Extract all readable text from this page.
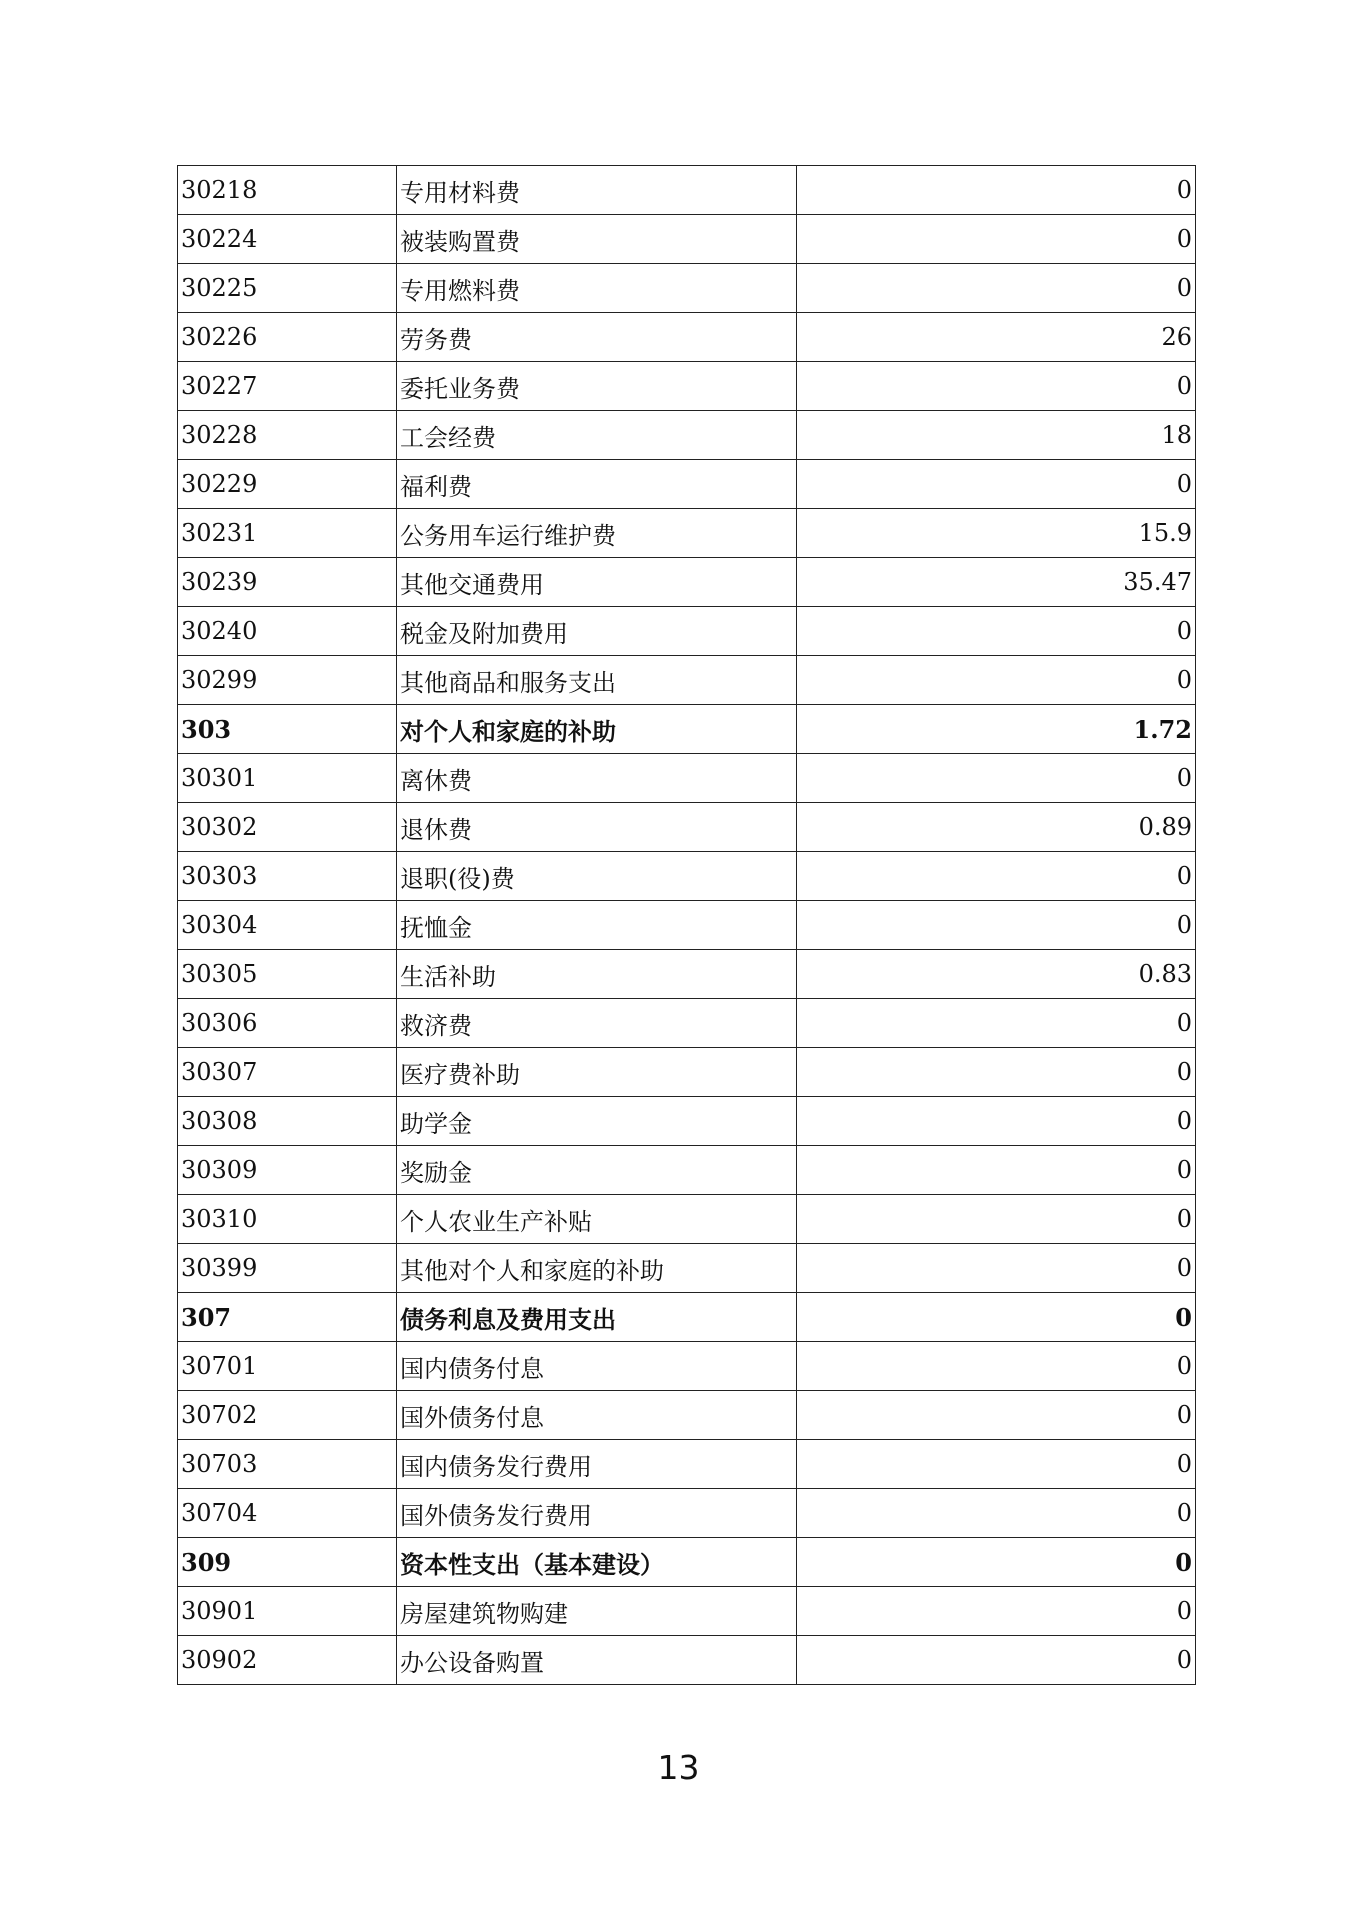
30218	专用材料费	0
30224	被装购置费	0
30225	专用燃料费	0
30226	劳务费	26
30227	委托业务费	0
30228	工会经费	18
30229	福利费	0
30231	公务用车运行维护费	15.9
30239	其他交通费用	35.47
30240	税金及附加费用	0
30299	其他商品和服务支出	0
303	对个人和家庭的补助	1.72
30301	离休费	0
30302	退休费	0.89
30303	退职(役)费	0
30304	抚恤金	0
30305	生活补助	0.83
30306	救济费	0
30307	医疗费补助	0
30308	助学金	0
30309	奖励金	0
30310	个人农业生产补贴	0
30399	其他对个人和家庭的补助	0
307	债务利息及费用支出	0
30701	国内债务付息	0
30702	国外债务付息	0
30703	国内债务发行费用	0
30704	国外债务发行费用	0
309	资本性支出（基本建设）	0
30901	房屋建筑物购建	0
30902	办公设备购置	0
13
